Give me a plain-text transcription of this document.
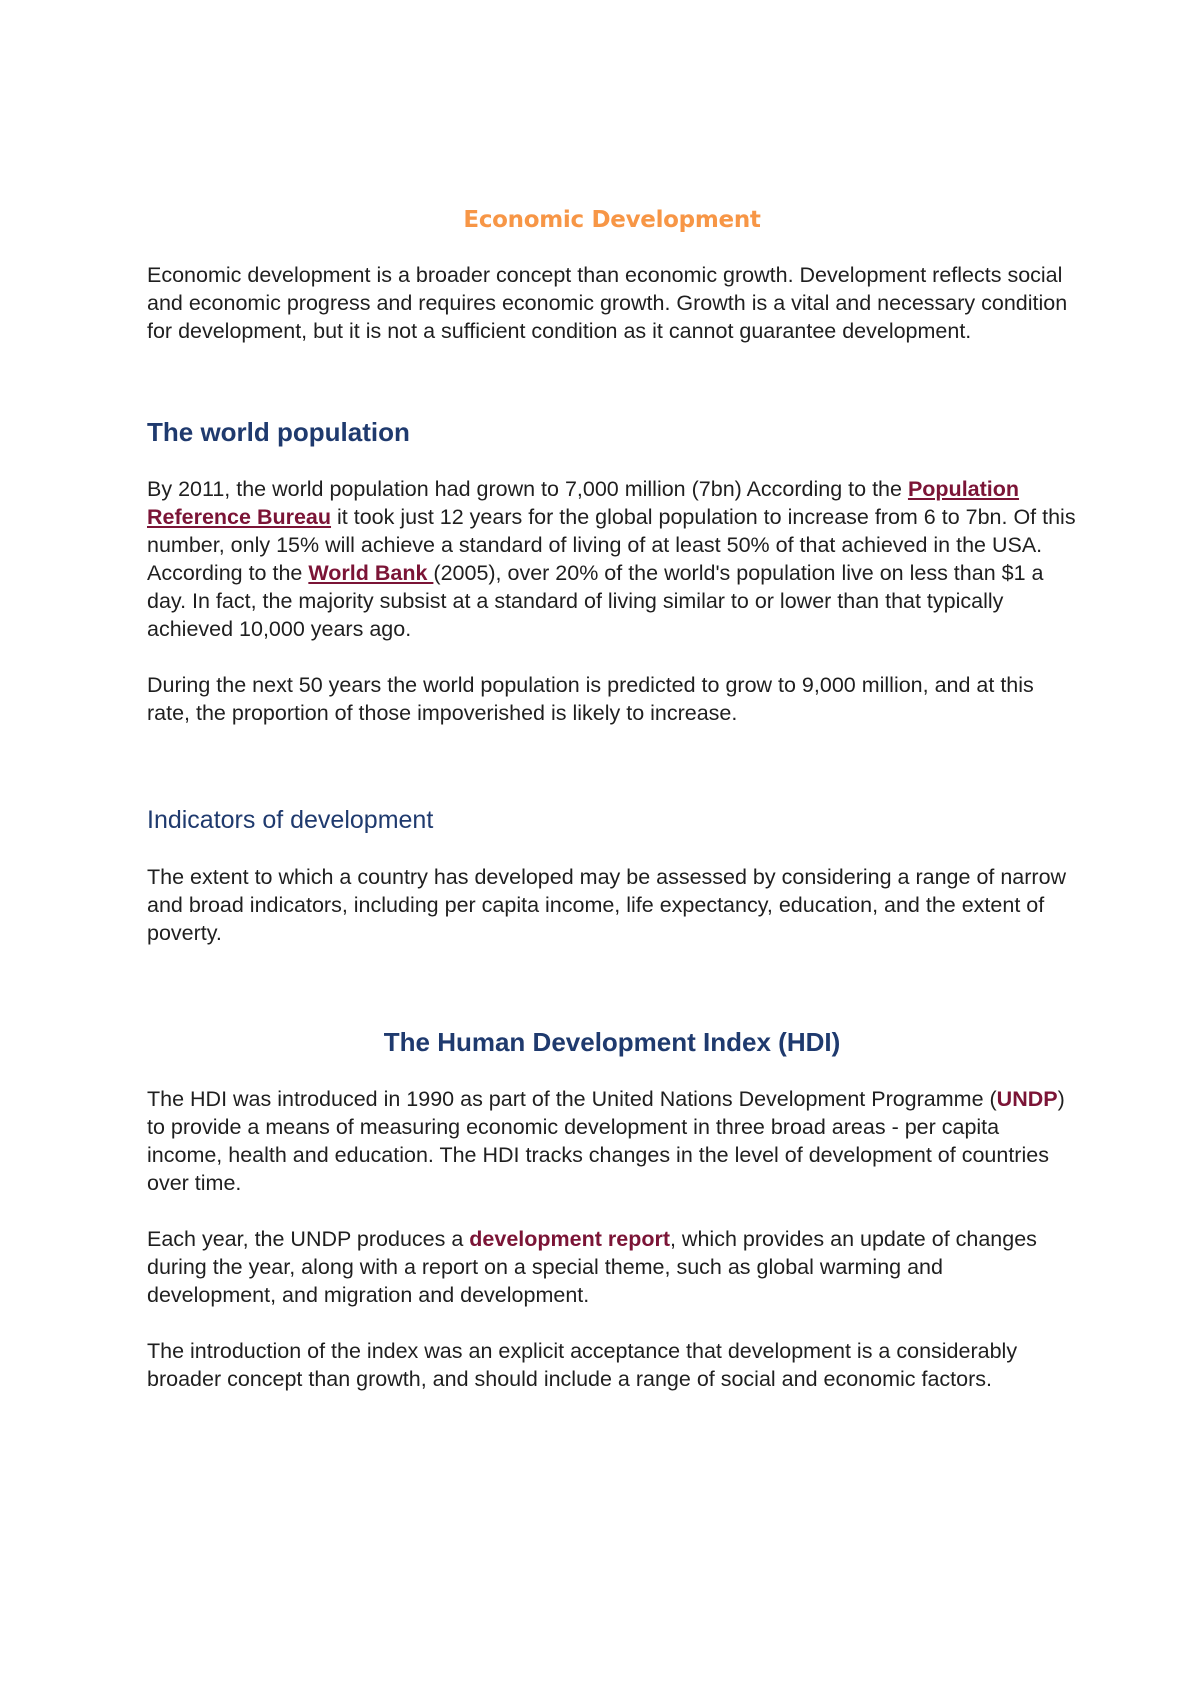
Economic Development

Economic development is a broader concept than economic growth. Development reflects social and economic progress and requires economic growth. Growth is a vital and necessary condition for development, but it is not a sufficient condition as it cannot guarantee development.

The world population

By 2011, the world population had grown to 7,000 million (7bn) According to the Population Reference Bureau it took just 12 years for the global population to increase from 6 to 7bn. Of this number, only 15% will achieve a standard of living of at least 50% of that achieved in the USA. According to the World Bank (2005), over 20% of the world's population live on less than $1 a day. In fact, the majority subsist at a standard of living similar to or lower than that typically achieved 10,000 years ago.

During the next 50 years the world population is predicted to grow to 9,000 million, and at this rate, the proportion of those impoverished is likely to increase.

Indicators of development

The extent to which a country has developed may be assessed by considering a range of narrow and broad indicators, including per capita income, life expectancy, education, and the extent of poverty.

The Human Development Index (HDI)

The HDI was introduced in 1990 as part of the United Nations Development Programme (UNDP) to provide a means of measuring economic development in three broad areas - per capita income, health and education. The HDI tracks changes in the level of development of countries over time.

Each year, the UNDP produces a development report, which provides an update of changes during the year, along with a report on a special theme, such as global warming and development, and migration and development.

The introduction of the index was an explicit acceptance that development is a considerably broader concept than growth, and should include a range of social and economic factors.
